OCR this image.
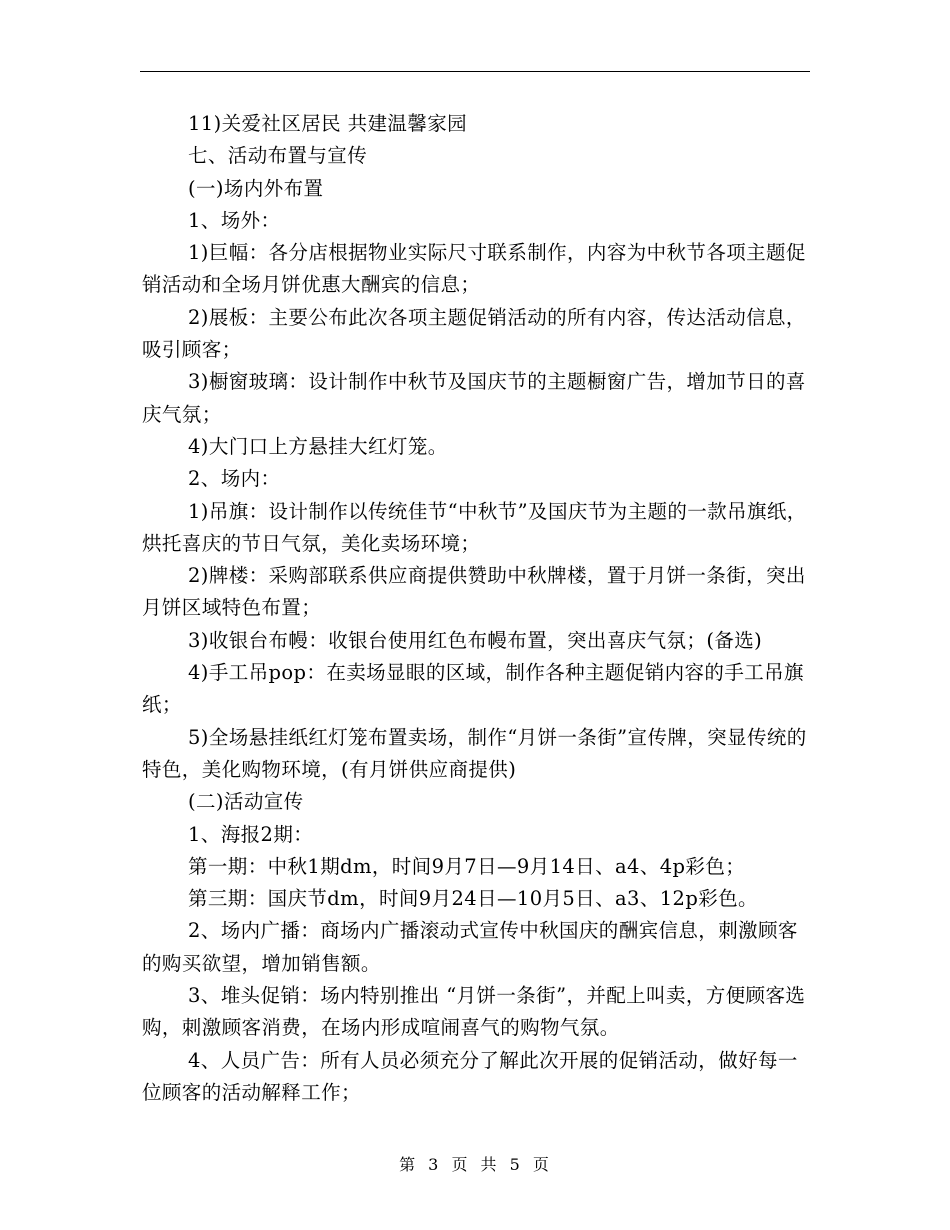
11)关爱社区居民 共建温馨家园

七、活动布置与宣传

(一)场内外布置

1、场外：

1)巨幅：各分店根据物业实际尺寸联系制作，内容为中秋节各项主题促销活动和全场月饼优惠大酬宾的信息；

2)展板：主要公布此次各项主题促销活动的所有内容，传达活动信息，吸引顾客；

3)橱窗玻璃：设计制作中秋节及国庆节的主题橱窗广告，增加节日的喜庆气氛；

4)大门口上方悬挂大红灯笼。

2、场内：

1)吊旗：设计制作以传统佳节“中秋节”及国庆节为主题的一款吊旗纸，烘托喜庆的节日气氛，美化卖场环境；

2)牌楼：采购部联系供应商提供赞助中秋牌楼，置于月饼一条街，突出月饼区域特色布置；

3)收银台布幔：收银台使用红色布幔布置，突出喜庆气氛；(备选)

4)手工吊pop：在卖场显眼的区域，制作各种主题促销内容的手工吊旗纸；

5)全场悬挂纸红灯笼布置卖场，制作“月饼一条街”宣传牌，突显传统的特色，美化购物环境，(有月饼供应商提供)

(二)活动宣传

1、海报2期：

第一期：中秋1期dm，时间9月7日—9月14日、a4、4p彩色；

第三期：国庆节dm，时间9月24日—10月5日、a3、12p彩色。

2、场内广播：商场内广播滚动式宣传中秋国庆的酬宾信息，刺激顾客的购买欲望，增加销售额。

3、堆头促销：场内特别推出 “月饼一条街”，并配上叫卖，方便顾客选购，刺激顾客消费，在场内形成喧闹喜气的购物气氛。

4、人员广告：所有人员必须充分了解此次开展的促销活动，做好每一位顾客的活动解释工作；

第 3 页 共 5 页
